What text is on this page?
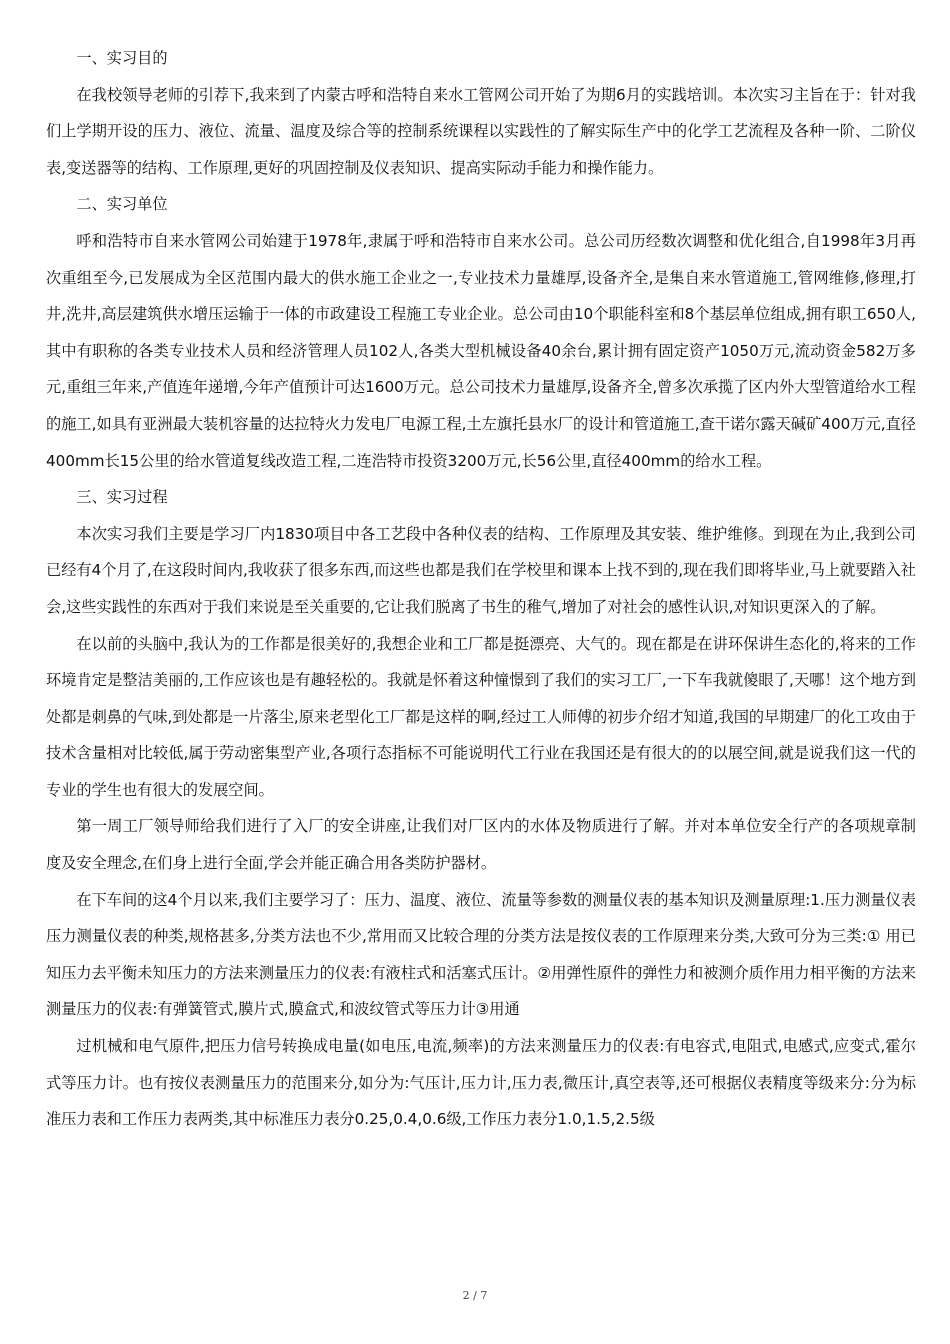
一、实习目的

在我校领导老师的引荐下,我来到了内蒙古呼和浩特自来水工管网公司开始了为期6月的实践培训。本次实习主旨在于：针对我们上学期开设的压力、液位、流量、温度及综合等的控制系统课程以实践性的了解实际生产中的化学工艺流程及各种一阶、二阶仪表,变送器等的结构、工作原理,更好的巩固控制及仪表知识、提高实际动手能力和操作能力。

二、实习单位

呼和浩特市自来水管网公司始建于1978年,隶属于呼和浩特市自来水公司。总公司历经数次调整和优化组合,自1998年3月再次重组至今,已发展成为全区范围内最大的供水施工企业之一,专业技术力量雄厚,设备齐全,是集自来水管道施工,管网维修,修理,打井,洗井,高层建筑供水增压运输于一体的市政建设工程施工专业企业。总公司由10个职能科室和8个基层单位组成,拥有职工650人,其中有职称的各类专业技术人员和经济管理人员102人,各类大型机械设备40余台,累计拥有固定资产1050万元,流动资金582万多元,重组三年来,产值连年递增,今年产值预计可达1600万元。总公司技术力量雄厚,设备齐全,曾多次承揽了区内外大型管道给水工程的施工,如具有亚洲最大装机容量的达拉特火力发电厂电源工程,土左旗托县水厂的设计和管道施工,查干诺尔露天碱矿400万元,直径400mm长15公里的给水管道复线改造工程,二连浩特市投资3200万元,长56公里,直径400mm的给水工程。

三、实习过程

本次实习我们主要是学习厂内1830项目中各工艺段中各种仪表的结构、工作原理及其安装、维护维修。到现在为止,我到公司已经有4个月了,在这段时间内,我收获了很多东西,而这些也都是我们在学校里和课本上找不到的,现在我们即将毕业,马上就要踏入社会,这些实践性的东西对于我们来说是至关重要的,它让我们脱离了书生的稚气,增加了对社会的感性认识,对知识更深入的了解。

在以前的头脑中,我认为的工作都是很美好的,我想企业和工厂都是挺漂亮、大气的。现在都是在讲环保讲生态化的,将来的工作环境肯定是整洁美丽的,工作应该也是有趣轻松的。我就是怀着这种憧憬到了我们的实习工厂,一下车我就傻眼了,天哪！这个地方到处都是刺鼻的气味,到处都是一片落尘,原来老型化工厂都是这样的啊,经过工人师傅的初步介绍才知道,我国的早期建厂的化工攻由于技术含量相对比较低,属于劳动密集型产业,各项行态指标不可能说明代工行业在我国还是有很大的的以展空间,就是说我们这一代的专业的学生也有很大的发展空间。

第一周工厂领导师给我们进行了入厂的安全讲座,让我们对厂区内的水体及物质进行了解。并对本单位安全行产的各项规章制度及安全理念,在们身上进行全面,学会并能正确合用各类防护器材。

在下车间的这4个月以来,我们主要学习了：压力、温度、液位、流量等参数的测量仪表的基本知识及测量原理:1.压力测量仪表压力测量仪表的种类,规格甚多,分类方法也不少,常用而又比较合理的分类方法是按仪表的工作原理来分类,大致可分为三类:① 用已知压力去平衡未知压力的方法来测量压力的仪表:有液柱式和活塞式压计。②用弹性原件的弹性力和被测介质作用力相平衡的方法来测量压力的仪表:有弹簧管式,膜片式,膜盒式,和波纹管式等压力计③用通

过机械和电气原件,把压力信号转换成电量(如电压,电流,频率)的方法来测量压力的仪表:有电容式,电阻式,电感式,应变式,霍尔式等压力计。也有按仪表测量压力的范围来分,如分为:气压计,压力计,压力表,微压计,真空表等,还可根据仪表精度等级来分:分为标准压力表和工作压力表两类,其中标准压力表分0.25,0.4,0.6级,工作压力表分1.0,1.5,2.5级

2 / 7
